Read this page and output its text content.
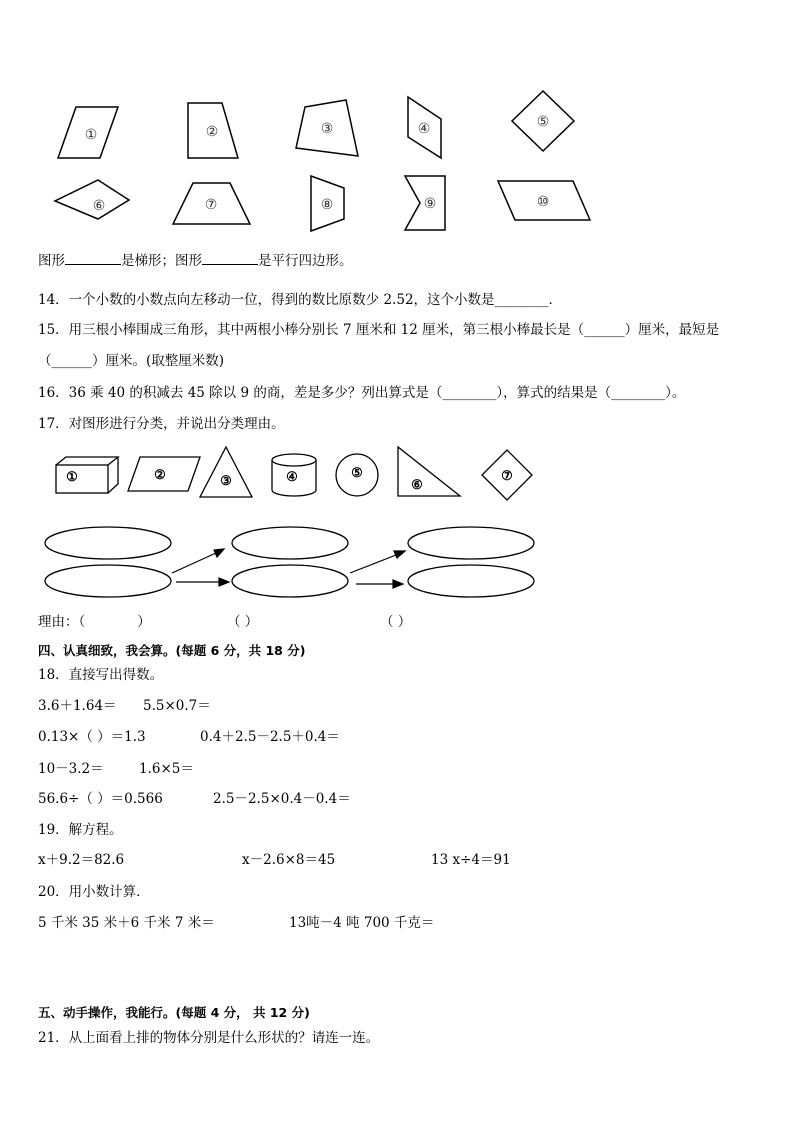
①	②	③	④	⑤
⑥	⑦	⑧	⑨	⑩
图形	是梯形；图形	是平行四边形。
14．一个小数的小数点向左移动一位，得到的数比原数少 2.52，这个小数是________．
15．用三根小棒围成三角形，其中两根小棒分别长 7 厘米和 12 厘米，第三根小棒最长是（______）厘米，最短是
（______）厘米。(取整厘米数)
16．36 乘 40 的积减去 45 除以 9 的商，差是多少？列出算式是（________），算式的结果是（________）。
17．对图形进行分类，并说出分类理由。
①	②	③	④	⑤
⑥
⑦
理由：（	）	（ ）	（ ）
四、认真细致，我会算。(每题 6 分，共 18 分)
18．直接写出得数。
3.6＋1.64＝ 5.5×0.7＝
0.13×（ ）＝1.3	0.4＋2.5－2.5＋0.4＝
10－3.2＝	1.6×5＝
56.6÷（ ）＝0.566	2.5－2.5×0.4－0.4＝
19．解方程。
x＋9.2＝82.6	x－2.6×8＝45	13 x÷4＝91
20．用小数计算．
5 千米 35 米＋6 千米 7 米＝	13吨－4 吨 700 千克＝
五、动手操作，我能行。(每题 4 分， 共 12 分)
21．从上面看上排的物体分别是什么形状的？请连一连。
